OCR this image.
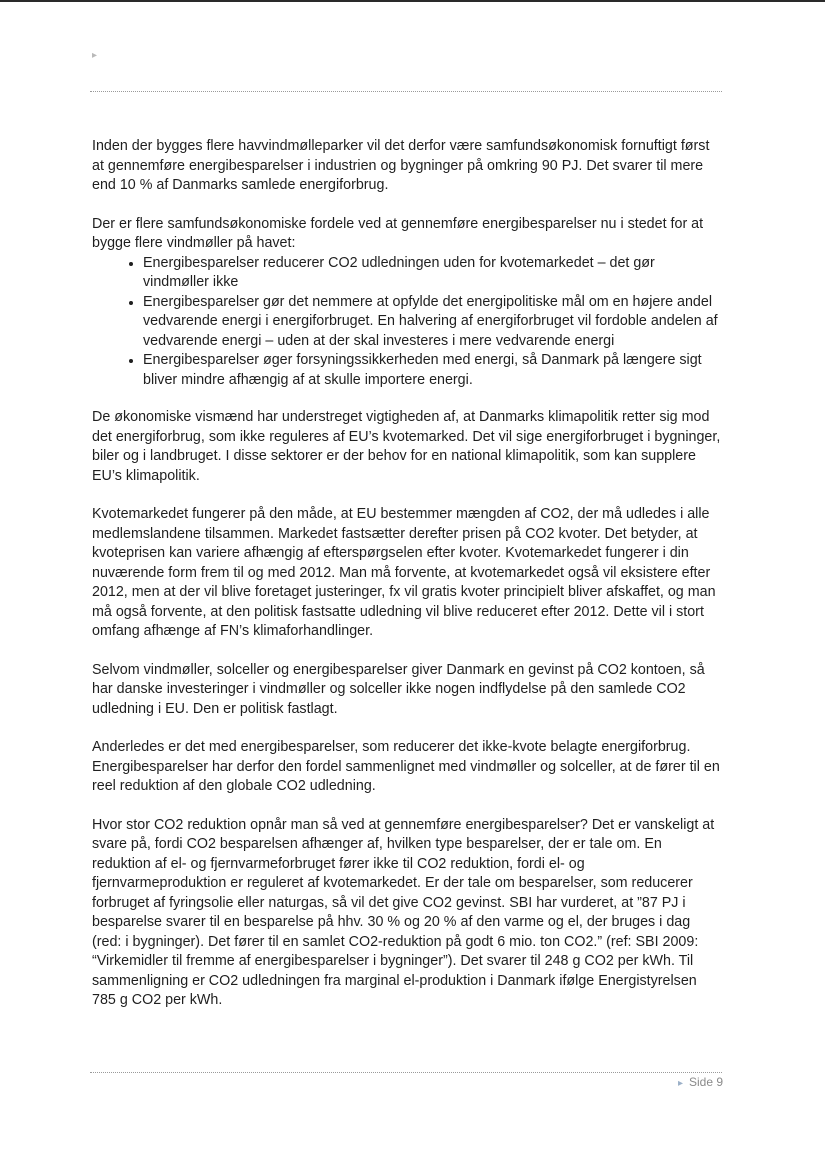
▸

Inden der bygges flere havvindmølleparker vil det derfor være samfundsøkonomisk fornuftigt først at gennemføre energibesparelser i industrien og bygninger på omkring 90 PJ. Det svarer til mere end 10 % af Danmarks samlede energiforbrug.

Der er flere samfundsøkonomiske fordele ved at gennemføre energibesparelser nu i stedet for at bygge flere vindmøller på havet:

• Energibesparelser reducerer CO2 udledningen uden for kvotemarkedet – det gør vindmøller ikke
• Energibesparelser gør det nemmere at opfylde det energipolitiske mål om en højere andel vedvarende energi i energiforbruget. En halvering af energiforbruget vil fordoble andelen af vedvarende energi – uden at der skal investeres i mere vedvarende energi
• Energibesparelser øger forsyningssikkerheden med energi, så Danmark på længere sigt bliver mindre afhængig af at skulle importere energi.

De økonomiske vismænd har understreget vigtigheden af, at Danmarks klimapolitik retter sig mod det energiforbrug, som ikke reguleres af EU’s kvotemarked. Det vil sige energiforbruget i bygninger, biler og i landbruget. I disse sektorer er der behov for en national klimapolitik, som kan supplere EU’s klimapolitik.

Kvotemarkedet fungerer på den måde, at EU bestemmer mængden af CO2, der må udledes i alle medlemslandene tilsammen. Markedet fastsætter derefter prisen på CO2 kvoter. Det betyder, at kvoteprisen kan variere afhængig af efterspørgselen efter kvoter. Kvotemarkedet fungerer i din nuværende form frem til og med 2012. Man må forvente, at kvotemarkedet også vil eksistere efter 2012, men at der vil blive foretaget justeringer, fx vil gratis kvoter principielt bliver afskaffet, og man må også forvente, at den politisk fastsatte udledning vil blive reduceret efter 2012. Dette vil i stort omfang afhænge af FN’s klimaforhandlinger.

Selvom vindmøller, solceller og energibesparelser giver Danmark en gevinst på CO2 kontoen, så har danske investeringer i vindmøller og solceller ikke nogen indflydelse på den samlede CO2 udledning i EU. Den er politisk fastlagt.

Anderledes er det med energibesparelser, som reducerer det ikke-kvote belagte energiforbrug. Energibesparelser har derfor den fordel sammenlignet med vindmøller og solceller, at de fører til en reel reduktion af den globale CO2 udledning.

Hvor stor CO2 reduktion opnår man så ved at gennemføre energibesparelser? Det er vanskeligt at svare på, fordi CO2 besparelsen afhænger af, hvilken type besparelser, der er tale om. En reduktion af el- og fjernvarmeforbruget fører ikke til CO2 reduktion, fordi el- og fjernvarmeproduktion er reguleret af kvotemarkedet. Er der tale om besparelser, som reducerer forbruget af fyringsolie eller naturgas, så vil det give CO2 gevinst. SBI har vurderet, at ”87 PJ i besparelse svarer til en besparelse på hhv. 30 % og 20 % af den varme og el, der bruges i dag (red: i bygninger). Det fører til en samlet CO2-reduktion på godt 6 mio. ton CO2.” (ref: SBI 2009: “Virkemidler til fremme af energibesparelser i bygninger”). Det svarer til 248 g CO2 per kWh. Til sammenligning er CO2 udledningen fra marginal el-produktion i Danmark ifølge Energistyrelsen 785 g CO2 per kWh.

▸ Side 9
